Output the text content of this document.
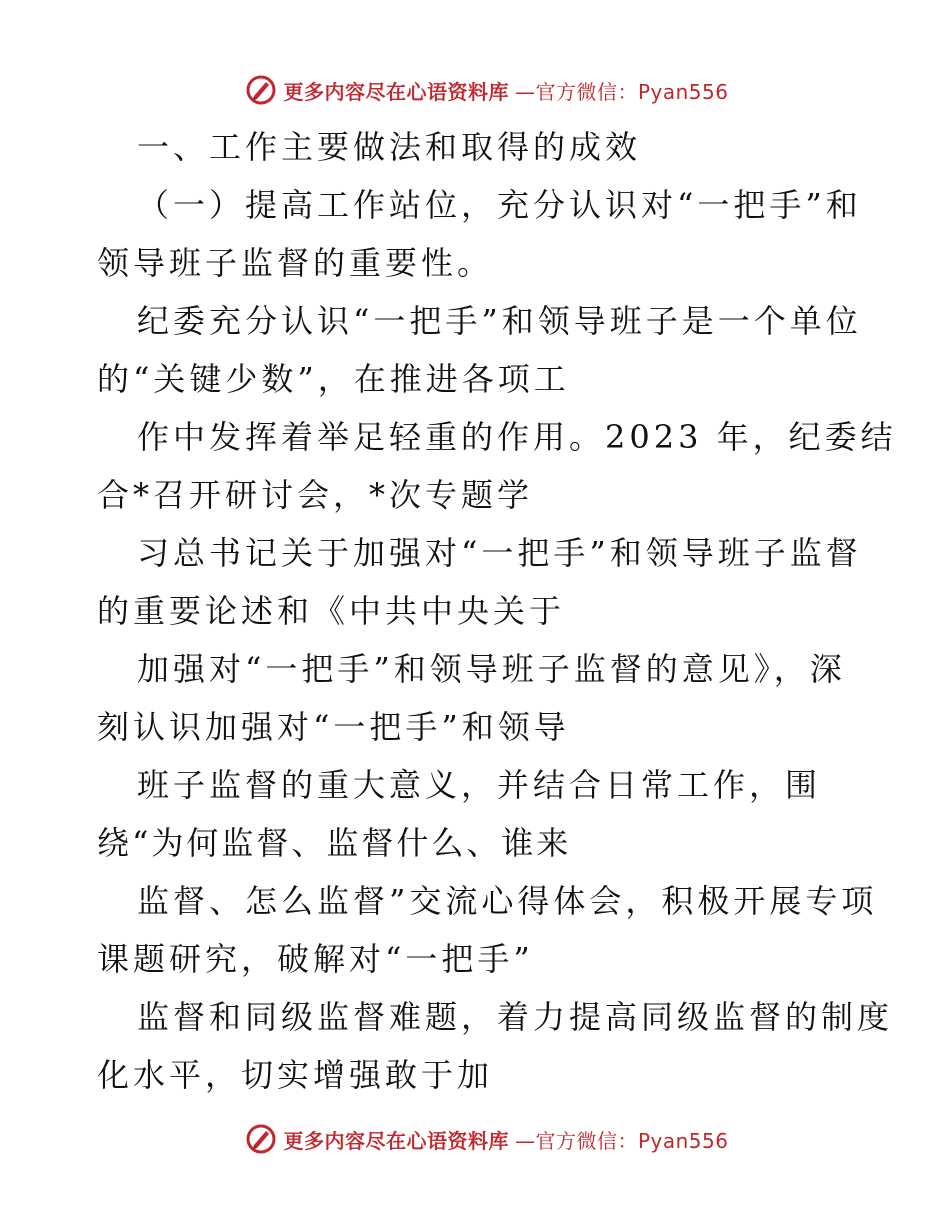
更多内容尽在心语资料库 —官方微信：Pyan556
一、工作主要做法和取得的成效
（一）提高工作站位，充分认识对“一把手”和
领导班子监督的重要性。
纪委充分认识“一把手”和领导班子是一个单位
的“关键少数”，在推进各项工
作中发挥着举足轻重的作用。2023 年，纪委结
合*召开研讨会，*次专题学
习总书记关于加强对“一把手”和领导班子监督
的重要论述和《中共中央关于
加强对“一把手”和领导班子监督的意见》，深
刻认识加强对“一把手”和领导
班子监督的重大意义，并结合日常工作，围
绕“为何监督、监督什么、谁来
监督、怎么监督”交流心得体会，积极开展专项
课题研究，破解对“一把手”
监督和同级监督难题，着力提高同级监督的制度
化水平，切实增强敢于加
更多内容尽在心语资料库 —官方微信：Pyan556
